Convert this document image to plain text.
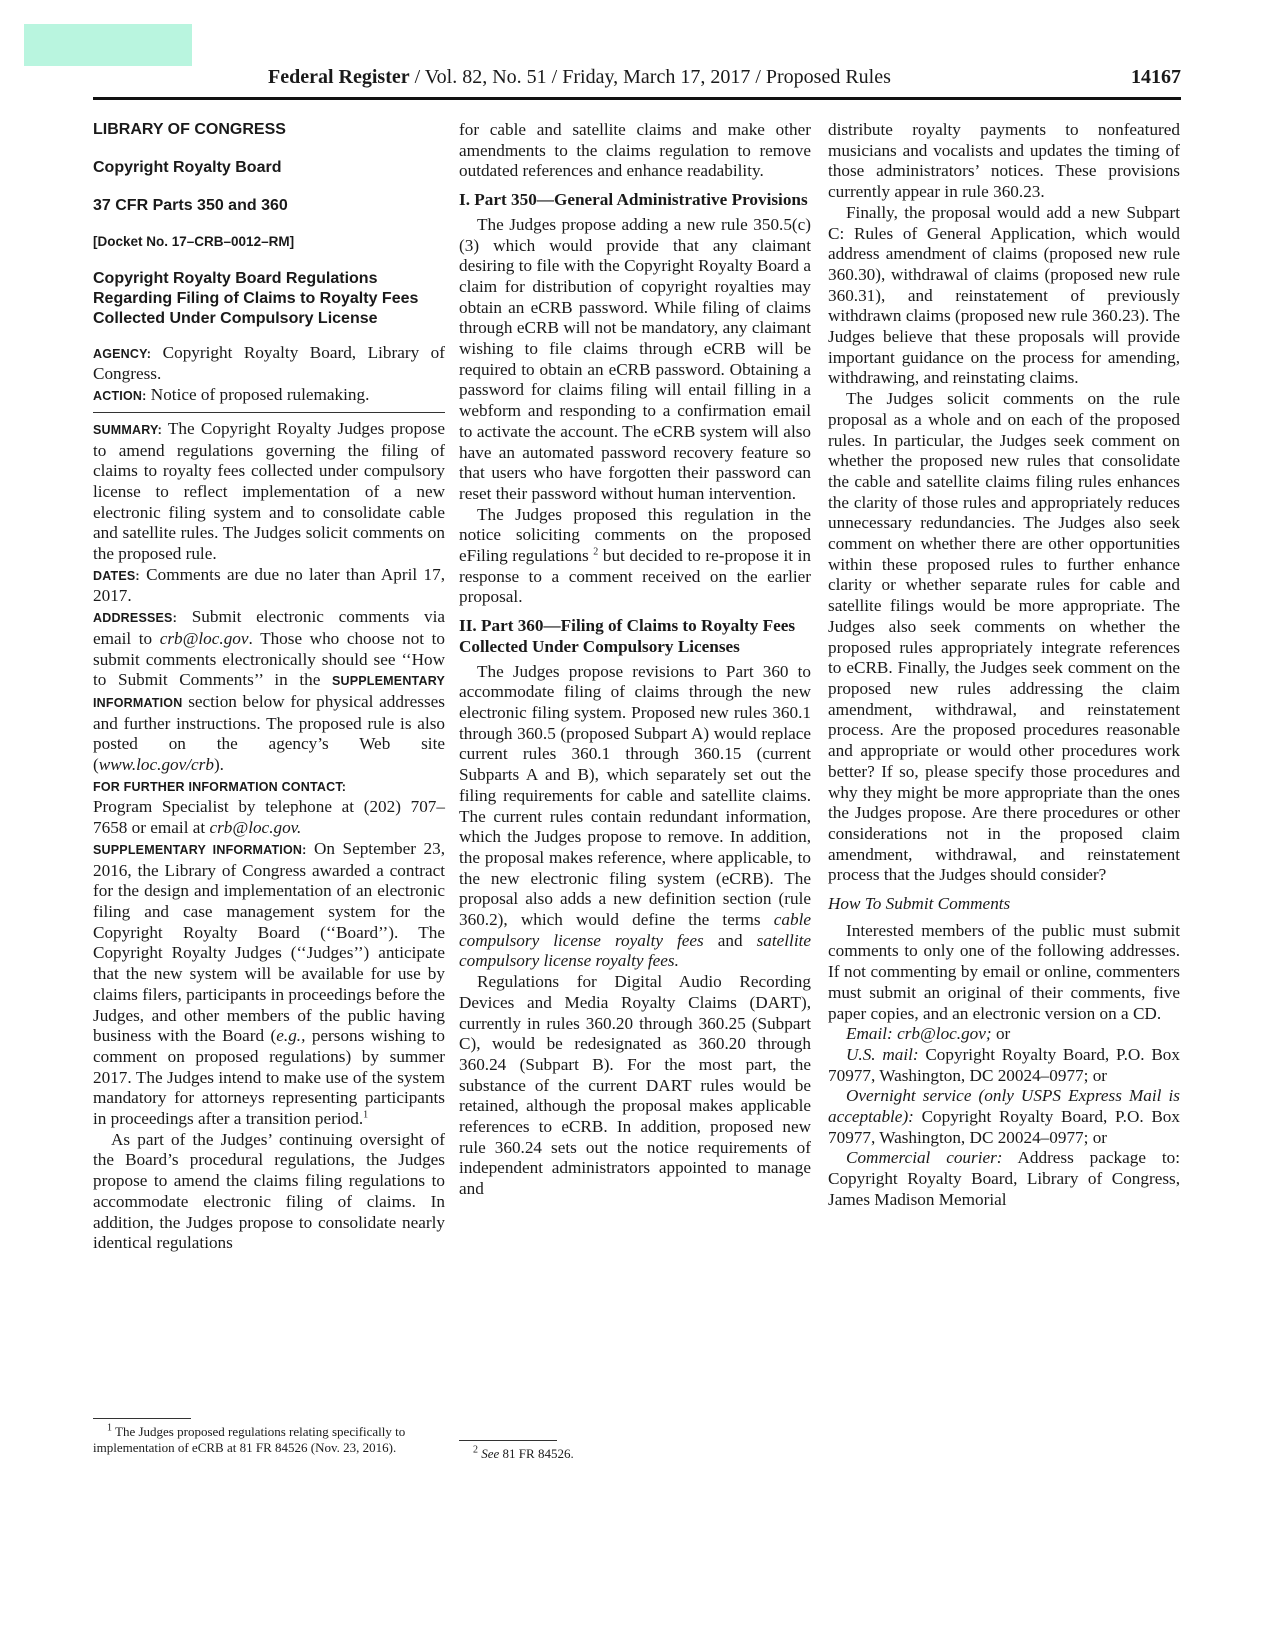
Federal Register / Vol. 82, No. 51 / Friday, March 17, 2017 / Proposed Rules	14167

LIBRARY OF CONGRESS

Copyright Royalty Board

37 CFR Parts 350 and 360

[Docket No. 17–CRB–0012–RM]

Copyright Royalty Board Regulations Regarding Filing of Claims to Royalty Fees Collected Under Compulsory License

AGENCY: Copyright Royalty Board, Library of Congress.

ACTION: Notice of proposed rulemaking.

SUMMARY: The Copyright Royalty Judges propose to amend regulations governing the filing of claims to royalty fees collected under compulsory license to reflect implementation of a new electronic filing system and to consolidate cable and satellite rules. The Judges solicit comments on the proposed rule.

DATES: Comments are due no later than April 17, 2017.

ADDRESSES: Submit electronic comments via email to crb@loc.gov. Those who choose not to submit comments electronically should see ‘‘How to Submit Comments’’ in the SUPPLEMENTARY INFORMATION section below for physical addresses and further instructions. The proposed rule is also posted on the agency’s Web site (www.loc.gov/crb).

FOR FURTHER INFORMATION CONTACT:

Program Specialist by telephone at (202) 707–7658 or email at crb@loc.gov.

SUPPLEMENTARY INFORMATION: On September 23, 2016, the Library of Congress awarded a contract for the design and implementation of an electronic filing and case management system for the Copyright Royalty Board (‘‘Board’’). The Copyright Royalty Judges (‘‘Judges’’) anticipate that the new system will be available for use by claims filers, participants in proceedings before the Judges, and other members of the public having business with the Board (e.g., persons wishing to comment on proposed regulations) by summer 2017. The Judges intend to make use of the system mandatory for attorneys representing participants in proceedings after a transition period.$^1$

As part of the Judges’ continuing oversight of the Board’s procedural regulations, the Judges propose to amend the claims filing regulations to accommodate electronic filing of claims. In addition, the Judges propose to consolidate nearly identical regulations

$^1$ The Judges proposed regulations relating specifically to implementation of eCRB at 81 FR 84526 (Nov. 23, 2016).

for cable and satellite claims and make other amendments to the claims regulation to remove outdated references and enhance readability.

I. Part 350—General Administrative Provisions

The Judges propose adding a new rule 350.5(c)(3) which would provide that any claimant desiring to file with the Copyright Royalty Board a claim for distribution of copyright royalties may obtain an eCRB password. While filing of claims through eCRB will not be mandatory, any claimant wishing to file claims through eCRB will be required to obtain an eCRB password. Obtaining a password for claims filing will entail filling in a webform and responding to a confirmation email to activate the account. The eCRB system will also have an automated password recovery feature so that users who have forgotten their password can reset their password without human intervention.

The Judges proposed this regulation in the notice soliciting comments on the proposed eFiling regulations $^2$ but decided to re-propose it in response to a comment received on the earlier proposal.

II. Part 360—Filing of Claims to Royalty Fees Collected Under Compulsory Licenses

The Judges propose revisions to Part 360 to accommodate filing of claims through the new electronic filing system. Proposed new rules 360.1 through 360.5 (proposed Subpart A) would replace current rules 360.1 through 360.15 (current Subparts A and B), which separately set out the filing requirements for cable and satellite claims. The current rules contain redundant information, which the Judges propose to remove. In addition, the proposal makes reference, where applicable, to the new electronic filing system (eCRB). The proposal also adds a new definition section (rule 360.2), which would define the terms cable compulsory license royalty fees and satellite compulsory license royalty fees.

Regulations for Digital Audio Recording Devices and Media Royalty Claims (DART), currently in rules 360.20 through 360.25 (Subpart C), would be redesignated as 360.20 through 360.24 (Subpart B). For the most part, the substance of the current DART rules would be retained, although the proposal makes applicable references to eCRB. In addition, proposed new rule 360.24 sets out the notice requirements of independent administrators appointed to manage and

$^2$ See 81 FR 84526.

distribute royalty payments to nonfeatured musicians and vocalists and updates the timing of those administrators’ notices. These provisions currently appear in rule 360.23.

Finally, the proposal would add a new Subpart C: Rules of General Application, which would address amendment of claims (proposed new rule 360.30), withdrawal of claims (proposed new rule 360.31), and reinstatement of previously withdrawn claims (proposed new rule 360.23). The Judges believe that these proposals will provide important guidance on the process for amending, withdrawing, and reinstating claims.

The Judges solicit comments on the rule proposal as a whole and on each of the proposed rules. In particular, the Judges seek comment on whether the proposed new rules that consolidate the cable and satellite claims filing rules enhances the clarity of those rules and appropriately reduces unnecessary redundancies. The Judges also seek comment on whether there are other opportunities within these proposed rules to further enhance clarity or whether separate rules for cable and satellite filings would be more appropriate. The Judges also seek comments on whether the proposed rules appropriately integrate references to eCRB. Finally, the Judges seek comment on the proposed new rules addressing the claim amendment, withdrawal, and reinstatement process. Are the proposed procedures reasonable and appropriate or would other procedures work better? If so, please specify those procedures and why they might be more appropriate than the ones the Judges propose. Are there procedures or other considerations not in the proposed claim amendment, withdrawal, and reinstatement process that the Judges should consider?

How To Submit Comments

Interested members of the public must submit comments to only one of the following addresses. If not commenting by email or online, commenters must submit an original of their comments, five paper copies, and an electronic version on a CD.

Email: crb@loc.gov; or

U.S. mail: Copyright Royalty Board, P.O. Box 70977, Washington, DC 20024–0977; or

Overnight service (only USPS Express Mail is acceptable): Copyright Royalty Board, P.O. Box 70977, Washington, DC 20024–0977; or

Commercial courier: Address package to: Copyright Royalty Board, Library of Congress, James Madison Memorial
